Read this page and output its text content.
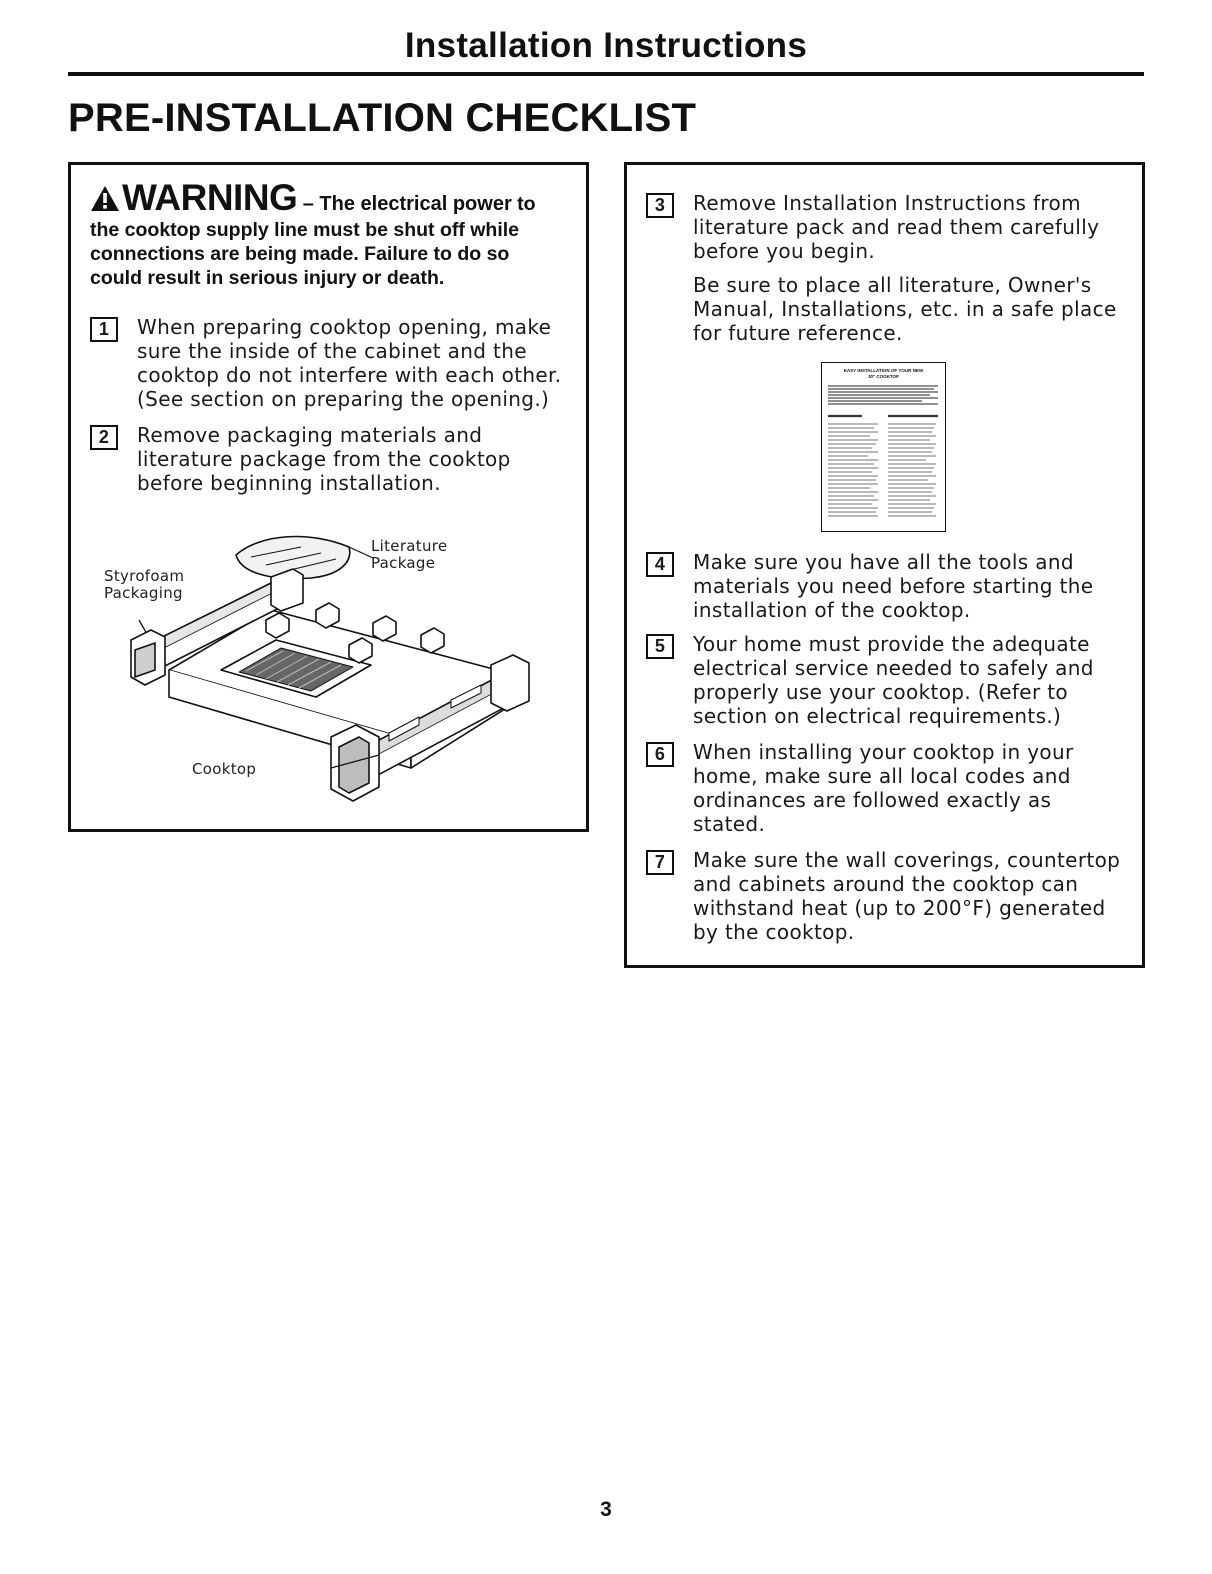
Installation Instructions
PRE-INSTALLATION CHECKLIST
WARNING – The electrical power to the cooktop supply line must be shut off while connections are being made. Failure to do so could result in serious injury or death.
1	When preparing cooktop opening, make sure the inside of the cabinet and the cooktop do not interfere with each other. (See section on preparing the opening.)
2	Remove packaging materials and literature package from the cooktop before beginning installation.
Literature Package
Styrofoam Packaging
Cooktop
3	Remove Installation Instructions from literature pack and read them carefully before you begin.

Be sure to place all literature, Owner's Manual, Installations, etc. in a safe place for future reference.

EASY INSTALLATION OF YOUR NEW 30" COOKTOP
4	Make sure you have all the tools and materials you need before starting the installation of the cooktop.
5	Your home must provide the adequate electrical service needed to safely and properly use your cooktop. (Refer to section on electrical requirements.)
6	When installing your cooktop in your home, make sure all local codes and ordinances are followed exactly as stated.
7	Make sure the wall coverings, countertop and cabinets around the cooktop can withstand heat (up to 200°F) generated by the cooktop.
3
